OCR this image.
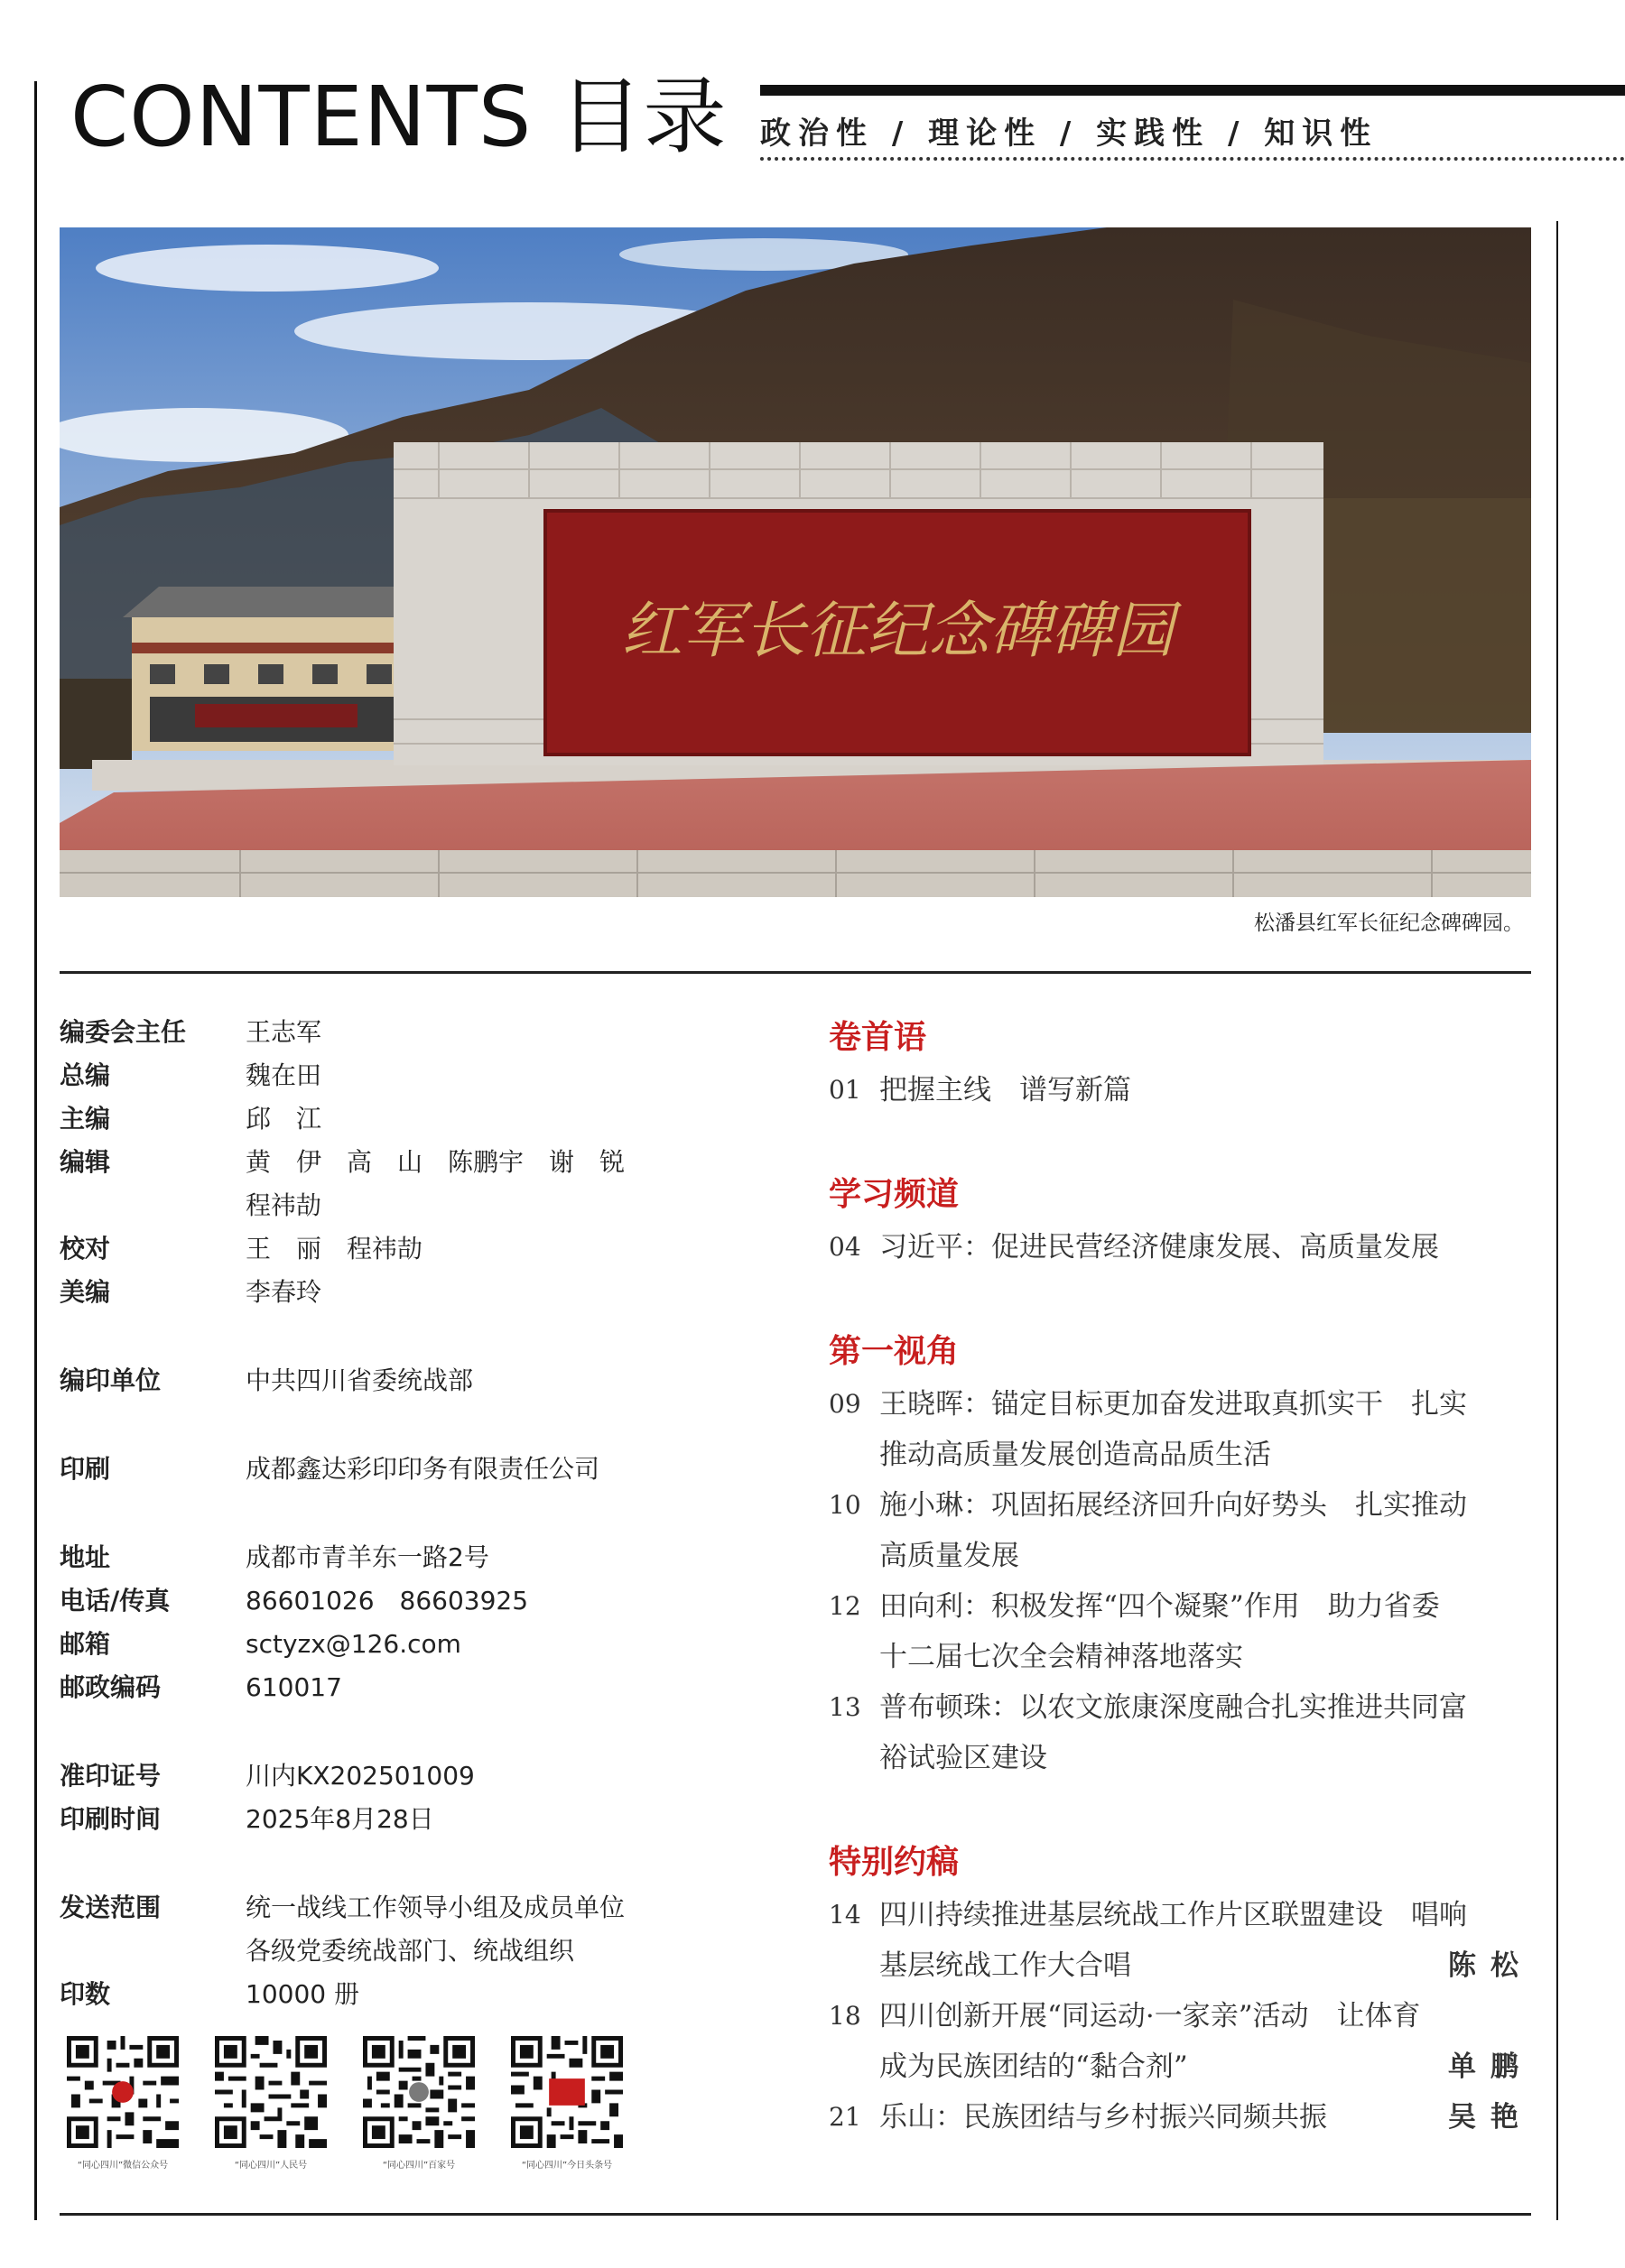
CONTENTS 目录 政治性 / 理论性 / 实践性 / 知识性
红军长征纪念碑碑园
松潘县红军长征纪念碑碑园。
编委会主任	王志军
总编	魏在田
主编	邱　江
编辑	黄　伊　高　山　陈鹏宇　谢　锐
程祎劼
校对	王　丽　程祎劼
美编	李春玲
编印单位	中共四川省委统战部
印刷	成都鑫达彩印印务有限责任公司
地址	成都市青羊东一路2号
电话/传真	86601026　86603925
邮箱	sctyzx@126.com
邮政编码	610017
准印证号	川内KX202501009
印刷时间	2025年8月28日
发送范围	统一战线工作领导小组及成员单位
各级党委统战部门、统战组织
印数	10000 册
“同心四川”微信公众号	“同心四川”人民号	“同心四川”百家号	“同心四川”今日头条号
卷首语
01 把握主线　谱写新篇
学习频道
04 习近平：促进民营经济健康发展、高质量发展
第一视角
09 王晓晖：锚定目标更加奋发进取真抓实干　扎实
推动高质量发展创造高品质生活
10 施小琳：巩固拓展经济回升向好势头　扎实推动
高质量发展
12 田向利：积极发挥“四个凝聚”作用　助力省委
十二届七次全会精神落地落实
13 普布顿珠：以农文旅康深度融合扎实推进共同富
裕试验区建设
特别约稿
14 四川持续推进基层统战工作片区联盟建设　唱响
基层统战工作大合唱	陈松
18 四川创新开展“同运动·一家亲”活动　让体育
成为民族团结的“黏合剂”	单鹏
21 乐山：民族团结与乡村振兴同频共振	吴艳
